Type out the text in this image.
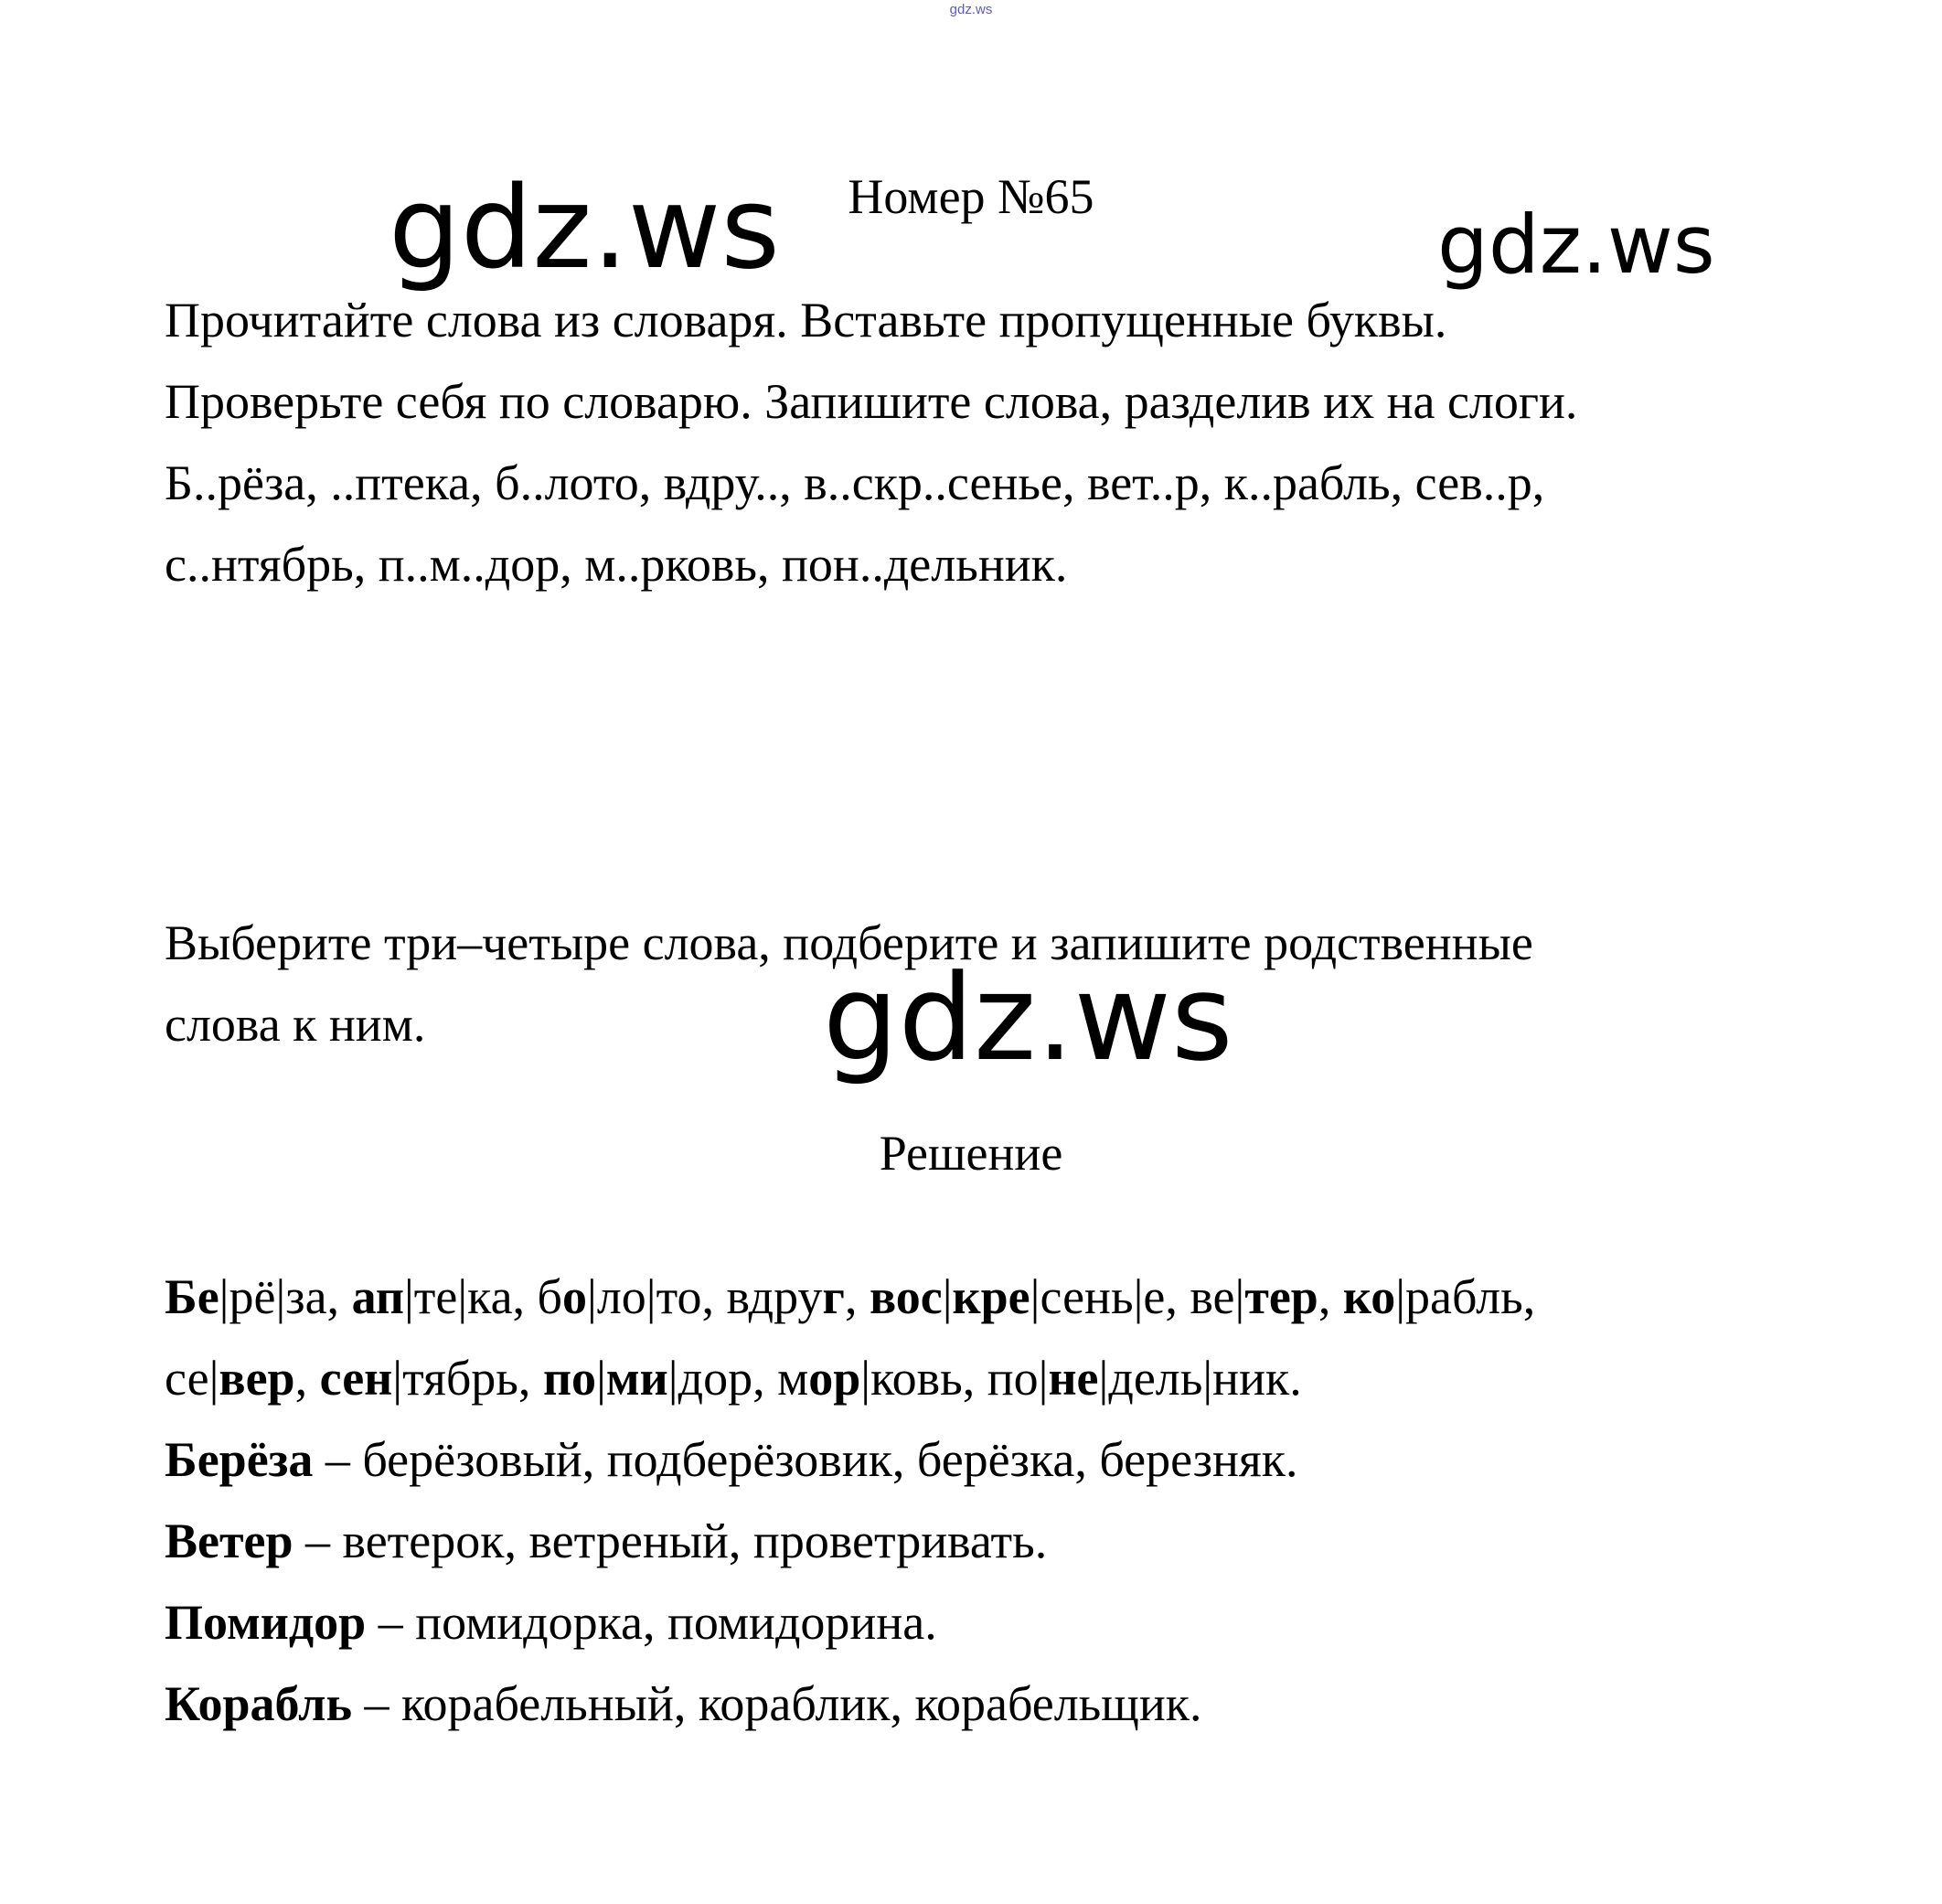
gdz.ws
gdz.ws	gdz.ws
gdz.ws
Номер №65
Прочитайте слова из словаря. Вставьте пропущенные буквы.
Проверьте себя по словарю. Запишите слова, разделив их на слоги.
Б..рёза, ..птека, б..лото, вдру.., в..скр..сенье, вет..р, к..рабль, сев..р,
с..нтябрь, п..м..дор, м..рковь, пон..дельник.
Выберите три–четыре слова, подберите и запишите родственные
слова к ним.
Решение
Бе|рё|за, ап|те|ка, бо|ло|то, вдруг, вос|кре|сень|е, ве|тер, ко|рабль,
се|вер, сен|тябрь, по|ми|дор, мор|ковь, по|не|дель|ник.
Берёза – берёзовый, подберёзовик, берёзка, березняк.
Ветер – ветерок, ветреный, проветривать.
Помидор – помидорка, помидорина.
Корабль – корабельный, кораблик, корабельщик.
